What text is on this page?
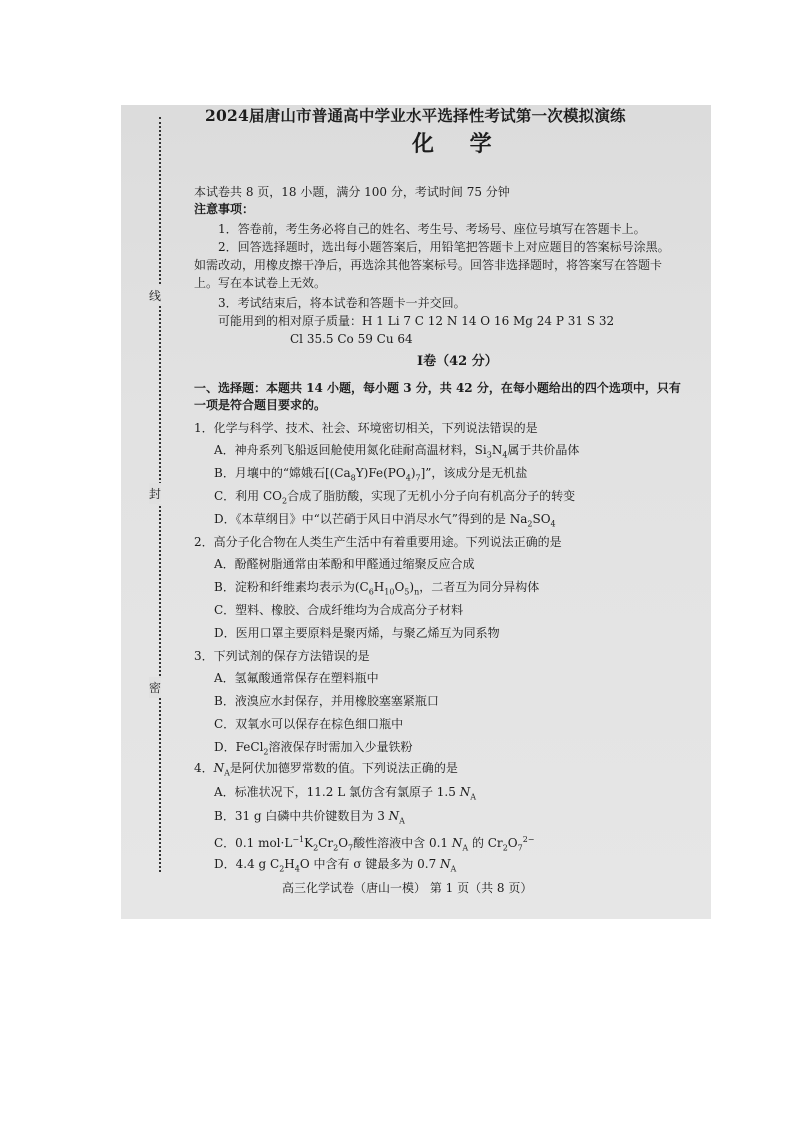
线
封
密
2024届唐山市普通高中学业水平选择性考试第一次模拟演练
化 学
本试卷共 8 页，18 小题，满分 100 分，考试时间 75 分钟
注意事项：
1．答卷前，考生务必将自己的姓名、考生号、考场号、座位号填写在答题卡上。
2．回答选择题时，选出每小题答案后，用铅笔把答题卡上对应题目的答案标号涂黑。
如需改动，用橡皮擦干净后，再选涂其他答案标号。回答非选择题时，将答案写在答题卡
上。写在本试卷上无效。
3．考试结束后，将本试卷和答题卡一并交回。
可能用到的相对原子质量：H 1 Li 7 C 12 N 14 O 16 Mg 24 P 31 S 32
Cl 35.5 Co 59 Cu 64
Ⅰ卷（42 分）
一、选择题：本题共 14 小题，每小题 3 分，共 42 分，在每小题给出的四个选项中，只有
一项是符合题目要求的。
1．化学与科学、技术、社会、环境密切相关，下列说法错误的是
A．神舟系列飞船返回舱使用氮化硅耐高温材料，$Si_3N_4$属于共价晶体
B．月壤中的“嫦娥石$[(Ca_8Y)Fe(PO_4)_7]$”，该成分是无机盐
C．利用 $CO_2$合成了脂肪酸，实现了无机小分子向有机高分子的转变
D．《本草纲目》中“以芒硝于风日中消尽水气”得到的是 $Na_2SO_4$
2．高分子化合物在人类生产生活中有着重要用途。下列说法正确的是
A．酚醛树脂通常由苯酚和甲醛通过缩聚反应合成
B．淀粉和纤维素均表示为$(C_6H_{10}O_5)_n$，二者互为同分异构体
C．塑料、橡胶、合成纤维均为合成高分子材料
D．医用口罩主要原料是聚丙烯，与聚乙烯互为同系物
3．下列试剂的保存方法错误的是
A．氢氟酸通常保存在塑料瓶中
B．液溴应水封保存，并用橡胶塞塞紧瓶口
C．双氧水可以保存在棕色细口瓶中
D．FeCl$_2$溶液保存时需加入少量铁粉
4．$N_A$是阿伏加德罗常数的值。下列说法正确的是
A．标准状况下，11.2 L 氯仿含有氯原子 1.5 $N_A$
B．31 g 白磷中共价键数目为 3 $N_A$
C．0.1 $mol\cdot L^{-1}K_2Cr_2O_7$酸性溶液中含 0.1 $N_A$ 的 $Cr_2O_7^{2-}$
D．4.4 g $C_2H_4O$ 中含有 σ 键最多为 0.7 $N_A$
高三化学试卷（唐山一模） 第 1 页（共 8 页）
